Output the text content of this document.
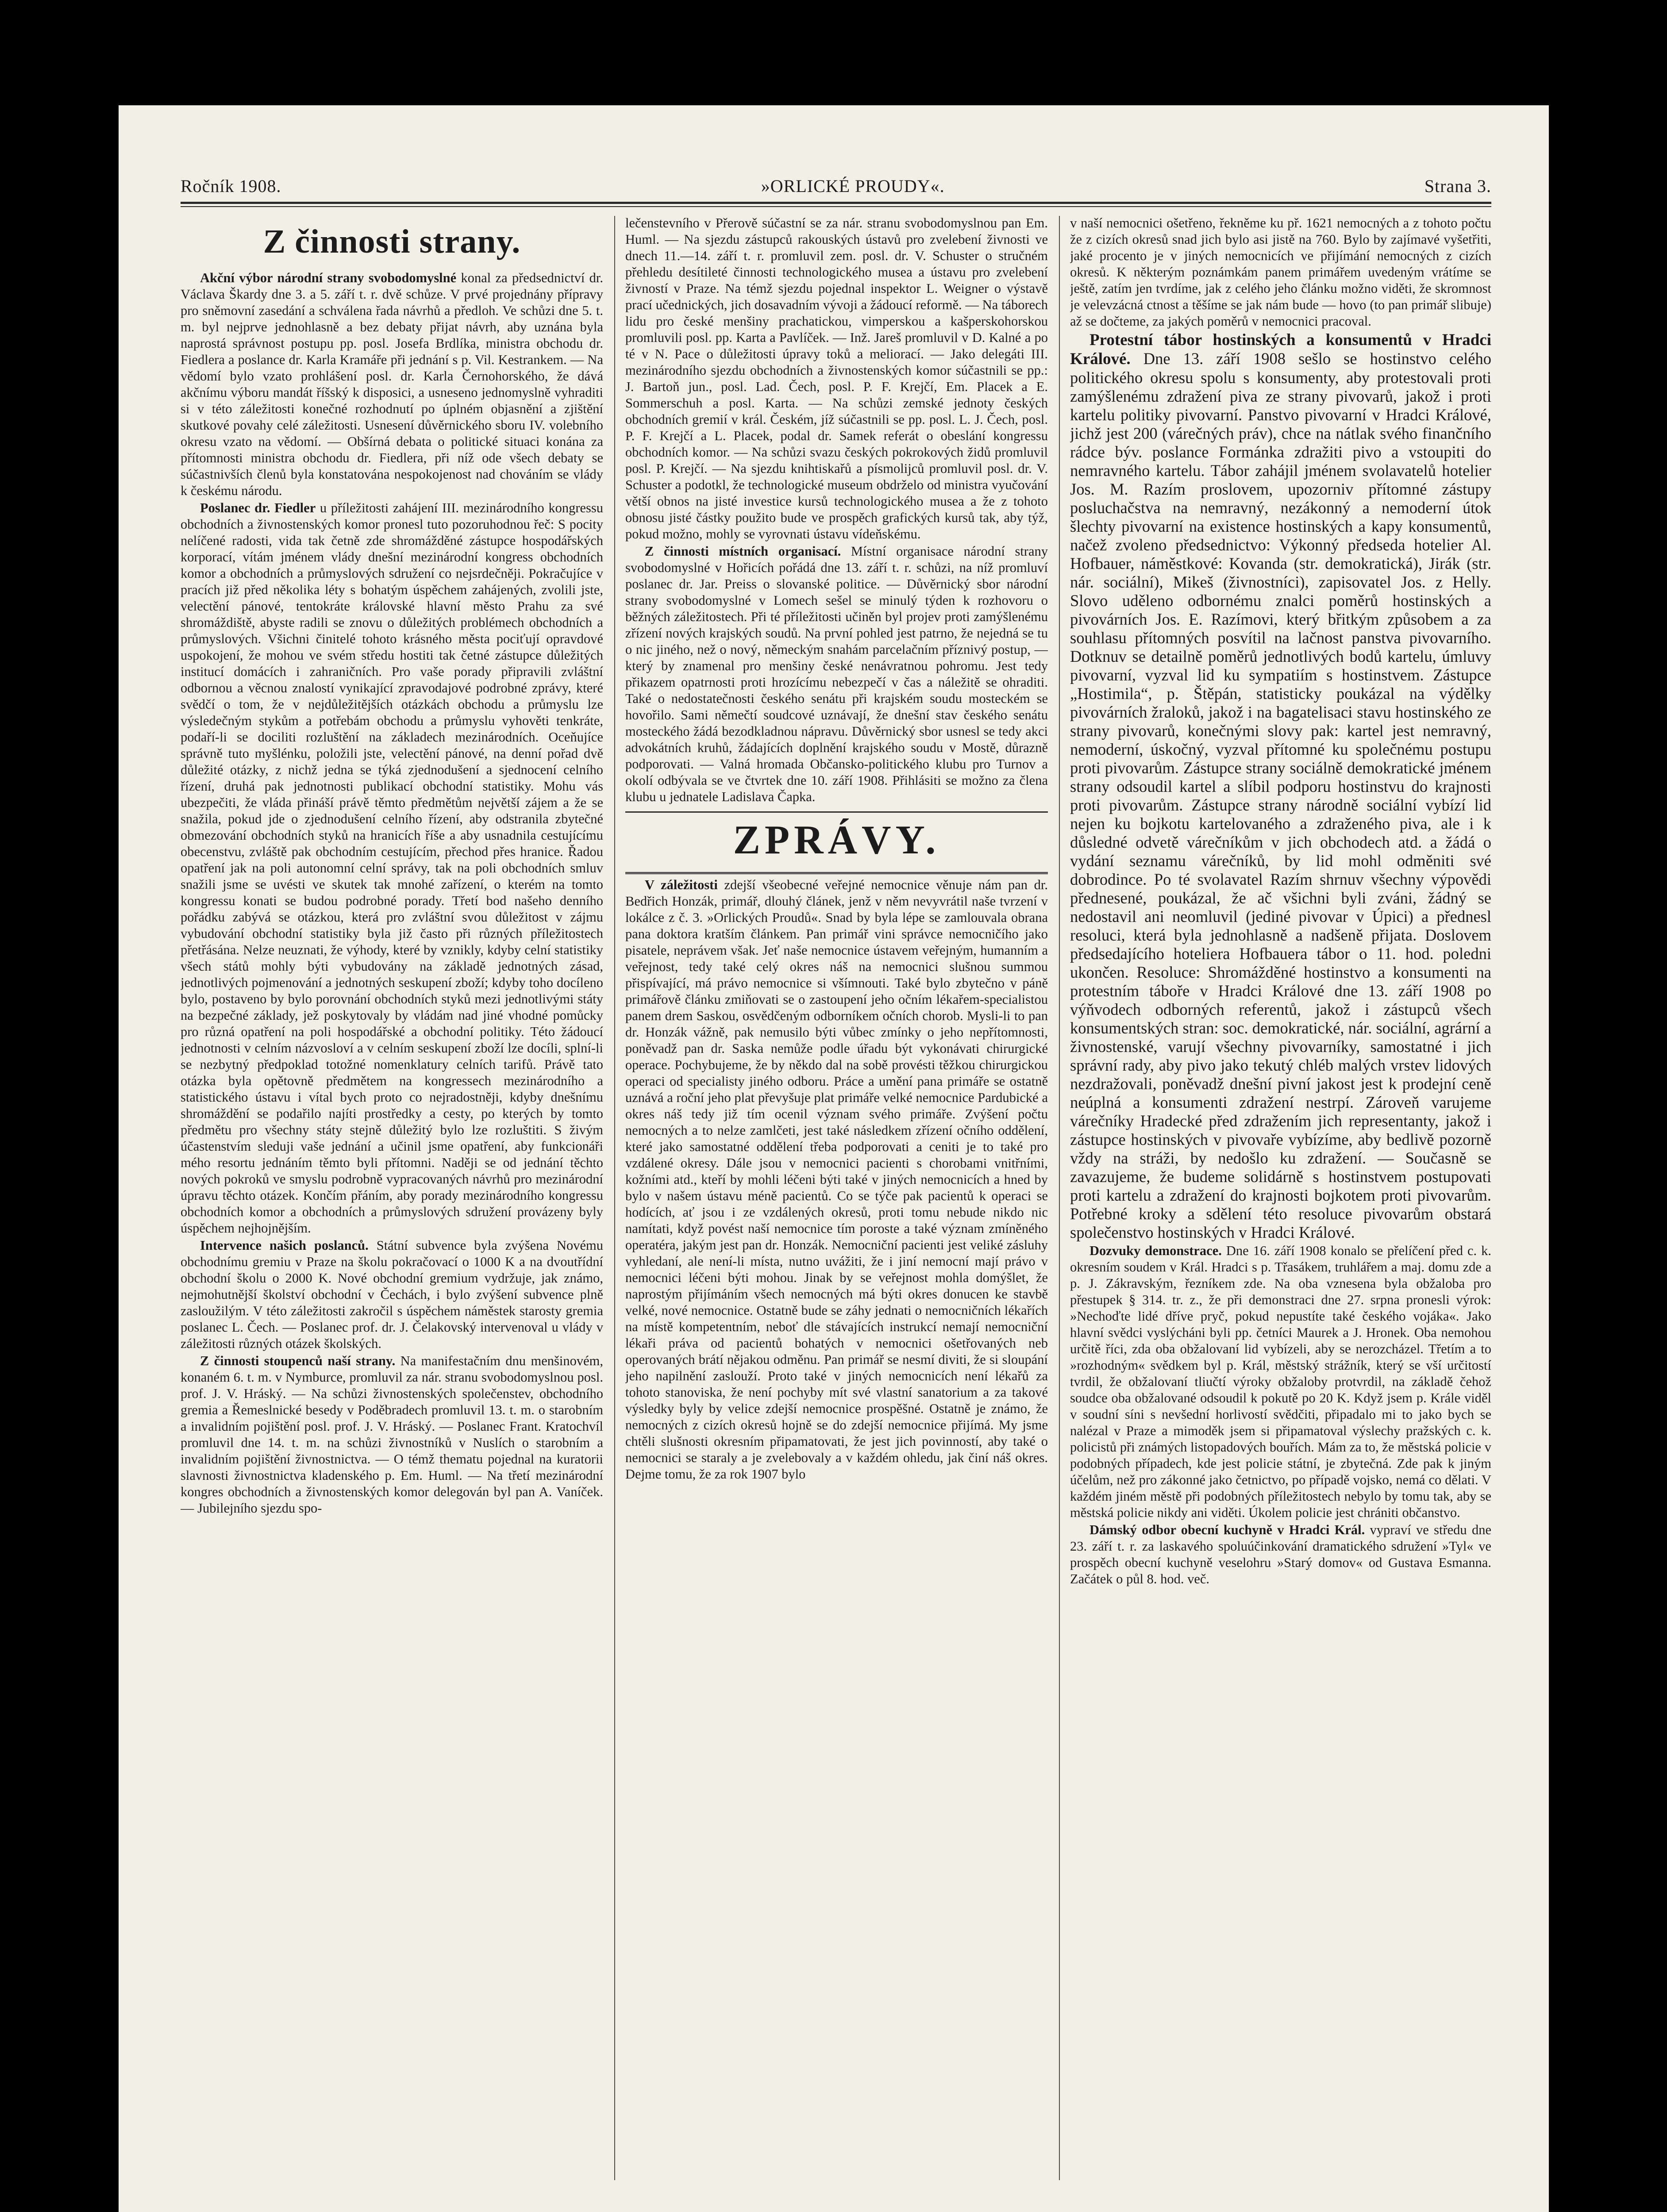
Ročník 1908.	»ORLICKÉ PROUDY«.	Strana 3.
Z činnosti strany.

Akční výbor národní strany svobodomyslné konal za předsednictví dr. Václava Škardy dne 3. a 5. září t. r. dvě schůze. V prvé projednány přípravy pro sněmovní zasedání a schválena řada návrhů a předloh. Ve schůzi dne 5. t. m. byl nejprve jednohlasně a bez debaty přijat návrh, aby uznána byla naprostá správnost postupu pp. posl. Josefa Brdlíka, ministra obchodu dr. Fiedlera a poslance dr. Karla Kramáře při jednání s p. Vil. Kestrankem. — Na vědomí bylo vzato prohlášení posl. dr. Karla Černohorského, že dává akčnímu výboru mandát říšský k disposici, a usneseno jednomyslně vyhraditi si v této záležitosti konečné rozhodnutí po úplném objasnění a zjištění skutkové povahy celé záležitosti. Usnesení důvěrnického sboru IV. volebního okresu vzato na vědomí. — Obšírná debata o politické situaci konána za přítomnosti ministra obchodu dr. Fiedlera, při níž ode všech debaty se súčastnivších členů byla konstatována nespokojenost nad chováním se vlády k českému národu.

Poslanec dr. Fiedler u příležitosti zahájení III. mezinárodního kongressu obchodních a živnostenských komor pronesl tuto pozoruhodnou řeč: S pocity nelíčené radosti, vida tak četně zde shromážděné zástupce hospodářských korporací, vítám jménem vlády dnešní mezinárodní kongress obchodních komor a obchodních a průmyslových sdružení co nejsrdečněji. Pokračujíce v pracích již před několika léty s bohatým úspěchem zahájených, zvolili jste, velectění pánové, tentokráte královské hlavní město Prahu za své shromáždiště, abyste radili se znovu o důležitých problémech obchodních a průmyslových. Všichni činitelé tohoto krásného města pociťují opravdové uspokojení, že mohou ve svém středu hostiti tak četné zástupce důležitých institucí domácích i zahraničních. Pro vaše porady připravili zvláštní odbornou a věcnou znalostí vynikající zpravodajové podrobné zprávy, které svědčí o tom, že v nejdůležitějších otázkách obchodu a průmyslu lze výsledečným stykům a potřebám obchodu a průmyslu vyhověti tenkráte, podaří-li se dociliti rozluštění na základech mezinárodních. Oceňujíce správně tuto myšlénku, položili jste, velectění pánové, na denní pořad dvě důležité otázky, z nichž jedna se týká zjednodušení a sjednocení celního řízení, druhá pak jednotnosti publikací obchodní statistiky. Mohu vás ubezpečiti, že vláda přináší právě těmto předmětům největší zájem a že se snažila, pokud jde o zjednodušení celního řízení, aby odstranila zbytečné obmezování obchodních styků na hranicích říše a aby usnadnila cestujícímu obecenstvu, zvláště pak obchodním cestujícím, přechod přes hranice. Řadou opatření jak na poli autonomní celní správy, tak na poli obchodních smluv snažili jsme se uvésti ve skutek tak mnohé zařízení, o kterém na tomto kongressu konati se budou podrobné porady. Třetí bod našeho denního pořádku zabývá se otázkou, která pro zvláštní svou důležitost v zájmu vybudování obchodní statistiky byla již často při různých příležitostech přetřásána. Nelze neuznati, že výhody, které by vznikly, kdyby celní statistiky všech států mohly býti vybudovány na základě jednotných zásad, jednotlivých pojmenování a jednotných seskupení zboží; kdyby toho docíleno bylo, postaveno by bylo porovnání obchodních styků mezi jednotlivými státy na bezpečné základy, jež poskytovaly by vládám nad jiné vhodné pomůcky pro různá opatření na poli hospodářské a obchodní politiky. Této žádoucí jednotnosti v celním názvosloví a v celním seskupení zboží lze docíli, splní-li se nezbytný předpoklad totožné nomenklatury celních tarifů. Právě tato otázka byla opětovně předmětem na kongressech mezinárodního a statistického ústavu i vítal bych proto co nejradostněji, kdyby dnešnímu shromáždění se podařilo najíti prostředky a cesty, po kterých by tomto předmětu pro všechny státy stejně důležitý bylo lze rozluštiti. S živým účastenstvím sleduji vaše jednání a učinil jsme opatření, aby funkcionáři mého resortu jednáním těmto byli přítomni. Naději se od jednání těchto nových pokroků ve smyslu podrobně vypracovaných návrhů pro mezinárodní úpravu těchto otázek. Končím přáním, aby porady mezinárodního kongressu obchodních komor a obchodních a průmyslových sdružení provázeny byly úspěchem nejhojnějším.

Intervence našich poslanců. Státní subvence byla zvýšena Novému obchodnímu gremiu v Praze na školu pokračovací o 1000 K a na dvoutřídní obchodní školu o 2000 K. Nové obchodní gremium vydržuje, jak známo, nejmohutnější školství obchodní v Čechách, i bylo zvýšení subvence plně zasloužilým. V této záležitosti zakročil s úspěchem náměstek starosty gremia poslanec L. Čech. — Poslanec prof. dr. J. Čelakovský intervenoval u vlády v záležitosti různých otázek školských.

Z činnosti stoupenců naší strany. Na manifestačním dnu menšinovém, konaném 6. t. m. v Nymburce, promluvil za nár. stranu svobodomyslnou posl. prof. J. V. Hráský. — Na schůzi živnostenských společenstev, obchodního gremia a Řemeslnické besedy v Poděbradech promluvil 13. t. m. o starobním a invalidním pojištění posl. prof. J. V. Hráský. — Poslanec Frant. Kratochvíl promluvil dne 14. t. m. na schůzi živnostníků v Nuslích o starobním a invalidním pojištění živnostnictva. — O témž thematu pojednal na kuratorii slavnosti živnostnictva kladenského p. Em. Huml. — Na třetí mezinárodní kongres obchodních a živnostenských komor delegován byl pan A. Vaníček. — Jubilejního sjezdu spo-

lečenstevního v Přerově súčastní se za nár. stranu svobodomyslnou pan Em. Huml. — Na sjezdu zástupců rakouských ústavů pro zvelebení živnosti ve dnech 11.—14. září t. r. promluvil zem. posl. dr. V. Schuster o stručném přehledu desítileté činnosti technologického musea a ústavu pro zvelebení živností v Praze. Na témž sjezdu pojednal inspektor L. Weigner o výstavě prací učednických, jich dosavadním vývoji a žádoucí reformě. — Na táborech lidu pro české menšiny prachatickou, vimperskou a kašperskohorskou promluvili posl. pp. Karta a Pavlíček. — Inž. Jareš promluvil v D. Kalné a po té v N. Pace o důležitosti úpravy toků a meliorací. — Jako delegáti III. mezinárodního sjezdu obchodních a živnostenských komor súčastnili se pp.: J. Bartoň jun., posl. Lad. Čech, posl. P. F. Krejčí, Em. Placek a E. Sommerschuh a posl. Karta. — Na schůzi zemské jednoty českých obchodních gremií v král. Českém, jíž súčastnili se pp. posl. L. J. Čech, posl. P. F. Krejčí a L. Placek, podal dr. Samek referát o obeslání kongressu obchodních komor. — Na schůzi svazu českých pokrokových židů promluvil posl. P. Krejčí. — Na sjezdu knihtiskařů a písmolijců promluvil posl. dr. V. Schuster a podotkl, že technologické museum obdrželo od ministra vyučování větší obnos na jisté investice kursů technologického musea a že z tohoto obnosu jisté částky použito bude ve prospěch grafických kursů tak, aby týž, pokud možno, mohly se vyrovnati ústavu vídeňskému.

Z činnosti místních organisací. Místní organisace národní strany svobodomyslné v Hořicích pořádá dne 13. září t. r. schůzi, na níž promluví poslanec dr. Jar. Preiss o slovanské politice. — Důvěrnický sbor národní strany svobodomyslné v Lomech sešel se minulý týden k rozhovoru o běžných záležitostech. Při té příležitosti učiněn byl projev proti zamýšlenému zřízení nových krajských soudů. Na první pohled jest patrno, že nejedná se tu o nic jiného, než o nový, německým snahám parcelačním příznivý postup, — který by znamenal pro menšiny české nenávratnou pohromu. Jest tedy přikazem opatrnosti proti hrozícímu nebezpečí v čas a náležitě se ohraditi. Také o nedostatečnosti českého senátu při krajském soudu mosteckém se hovořilo. Sami němečtí soudcové uznávají, že dnešní stav českého senátu mosteckého žádá bezodkladnou nápravu. Důvěrnický sbor usnesl se tedy akci advokátních kruhů, žádajících doplnění krajského soudu v Mostě, důrazně podporovati. — Valná hromada Občansko-politického klubu pro Turnov a okolí odbývala se ve čtvrtek dne 10. září 1908. Přihlásiti se možno za člena klubu u jednatele Ladislava Čapka.

ZPRÁVY.

V záležitosti zdejší všeobecné veřejné nemocnice věnuje nám pan dr. Bedřich Honzák, primář, dlouhý článek, jenž v něm nevyvrátil naše tvrzení v lokálce z č. 3. »Orlických Proudů«. Snad by byla lépe se zamlouvala obrana pana doktora kratším článkem. Pan primář vini správce nemocničího jako pisatele, neprávem však. Jeť naše nemocnice ústavem veřejným, humanním a veřejnost, tedy také celý okres náš na nemocnici slušnou summou přispívající, má právo nemocnice si všímnouti. Také bylo zbytečno v páně primářově článku zmiňovati se o zastoupení jeho očním lékařem-specialistou panem drem Saskou, osvědčeným odborníkem očních chorob. Mysli-li to pan dr. Honzák vážně, pak nemusilo býti vůbec zmínky o jeho nepřítomnosti, poněvadž pan dr. Saska nemůže podle úřadu být vykonávati chirurgické operace. Pochybujeme, že by někdo dal na sobě provésti těžkou chirurgickou operaci od specialisty jiného odboru. Práce a umění pana primáře se ostatně uznává a roční jeho plat převyšuje plat primáře velké nemocnice Pardubické a okres náš tedy již tím ocenil význam svého primáře. Zvýšení počtu nemocných a to nelze zamlčeti, jest také následkem zřízení očního oddělení, které jako samostatné oddělení třeba podporovati a ceniti je to také pro vzdálené okresy. Dále jsou v nemocnici pacienti s chorobami vnitřními, kožními atd., kteří by mohli léčeni býti také v jiných nemocnicích a hned by bylo v našem ústavu méně pacientů. Co se týče pak pacientů k operaci se hodících, ať jsou i ze vzdálených okresů, proti tomu nebude nikdo nic namítati, když povést naší nemocnice tím poroste a také význam zmíněného operatéra, jakým jest pan dr. Honzák. Nemocniční pacienti jest veliké zásluhy vyhledaní, ale není-li místa, nutno uvážiti, že i jiní nemocní mají právo v nemocnici léčeni býti mohou. Jinak by se veřejnost mohla domýšlet, že naprostým přijímáním všech nemocných má býti okres donucen ke stavbě velké, nové nemocnice. Ostatně bude se záhy jednati o nemocničních lékařích na místě kompetentním, neboť dle stávajících instrukcí nemají nemocniční lékaři práva od pacientů bohatých v nemocnici ošetřovaných neb operovaných brátí nějakou odměnu. Pan primář se nesmí diviti, že si sloupání jeho napilnění zaslouží. Proto také v jiných nemocnicích není lékařů za tohoto stanoviska, že není pochyby mít své vlastní sanatorium a za takové výsledky byly by velice zdejší nemocnice prospěšné. Ostatně je známo, že nemocných z cizích okresů hojně se do zdejší nemocnice přijímá. My jsme chtěli slušnosti okresním připamatovati, že jest jich povinností, aby také o nemocnici se staraly a je zvelebovaly a v každém ohledu, jak činí náš okres. Dejme tomu, že za rok 1907 bylo

v naší nemocnici ošetřeno, řekněme ku př. 1621 nemocných a z tohoto počtu že z cizích okresů snad jich bylo asi jistě na 760. Bylo by zajímavé vyšetřiti, jaké procento je v jiných nemocnicích ve přijímání nemocných z cizích okresů. K některým poznámkám panem primářem uvedeným vrátíme se ještě, zatím jen tvrdíme, jak z celého jeho článku možno viděti, že skromnost je velevzácná ctnost a těšíme se jak nám bude — hovo (to pan primář slibuje) až se dočteme, za jakých poměrů v nemocnici pracoval.

Protestní tábor hostinských a konsumentů v Hradci Králové. Dne 13. září 1908 sešlo se hostinstvo celého politického okresu spolu s konsumenty, aby protestovali proti zamýšlenému zdražení piva ze strany pivovarů, jakož i proti kartelu politiky pivovarní. Panstvo pivovarní v Hradci Králové, jichž jest 200 (várečných práv), chce na nátlak svého finančního rádce býv. poslance Formánka zdražiti pivo a vstoupiti do nemravného kartelu. Tábor zahájil jménem svolavatelů hotelier Jos. M. Razím proslovem, upozorniv přítomné zástupy posluchačstva na nemravný, nezákonný a nemoderní útok šlechty pivovarní na existence hostinských a kapy konsumentů, načež zvoleno předsednictvo: Výkonný předseda hotelier Al. Hofbauer, náměstkové: Kovanda (str. demokratická), Jirák (str. nár. sociální), Mikeš (živnostníci), zapisovatel Jos. z Helly. Slovo uděleno odbornému znalci poměrů hostinských a pivovárních Jos. E. Razímovi, který břitkým způsobem a za souhlasu přítomných posvítil na lačnost panstva pivovarního. Dotknuv se detailně poměrů jednotlivých bodů kartelu, úmluvy pivovarní, vyzval lid ku sympatiím s hostinstvem. Zástupce „Hostimila“, p. Štěpán, statisticky poukázal na výdělky pivovárních žraloků, jakož i na bagatelisaci stavu hostinského ze strany pivovarů, konečnými slovy pak: kartel jest nemravný, nemoderní, úskočný, vyzval přítomné ku společnému postupu proti pivovarům. Zástupce strany sociálně demokratické jménem strany odsoudil kartel a slíbil podporu hostinstvu do krajnosti proti pivovarům. Zástupce strany národně sociální vybízí lid nejen ku bojkotu kartelovaného a zdraženého piva, ale i k důsledné odvetě várečníkům v jich obchodech atd. a žádá o vydání seznamu várečníků, by lid mohl odměniti své dobrodince. Po té svolavatel Razím shrnuv všechny výpovědi přednesené, poukázal, že ač všichni byli zváni, žádný se nedostavil ani neomluvil (jediné pivovar v Úpici) a přednesl resoluci, která byla jednohlasně a nadšeně přijata. Doslovem předsedajícího hoteliera Hofbauera tábor o 11. hod. poledni ukončen. Resoluce: Shromážděné hostinstvo a konsumenti na protestním táboře v Hradci Králové dne 13. září 1908 po výňvodech odborných referentů, jakož i zástupců všech konsumentských stran: soc. demokratické, nár. sociální, agrární a živnostenské, varují všechny pivovarníky, samostatné i jich správní rady, aby pivo jako tekutý chléb malých vrstev lidových nezdražovali, poněvadž dnešní pivní jakost jest k prodejní ceně neúplná a konsumenti zdražení nestrpí. Zároveň varujeme várečníky Hradecké před zdražením jich representanty, jakož i zástupce hostinských v pivovaře vybízíme, aby bedlivě pozorně vždy na stráži, by nedošlo ku zdražení. — Současně se zavazujeme, že budeme solidárně s hostinstvem postupovati proti kartelu a zdražení do krajnosti bojkotem proti pivovarům. Potřebné kroky a sdělení této resoluce pivovarům obstará společenstvo hostinských v Hradci Králové.

Dozvuky demonstrace. Dne 16. září 1908 konalo se přelíčení před c. k. okresním soudem v Král. Hradci s p. Třasákem, truhlářem a maj. domu zde a p. J. Zákravským, řezníkem zde. Na oba vznesena byla obžaloba pro přestupek § 314. tr. z., že při demonstraci dne 27. srpna pronesli výrok: »Nechoďte lidé dříve pryč, pokud nepustíte také českého vojáka«. Jako hlavní svědci vyslýcháni byli pp. četníci Maurek a J. Hronek. Oba nemohou určitě říci, zda oba obžalovaní lid vybízeli, aby se nerozcházel. Třetím a to »rozhodným« svědkem byl p. Král, městský strážník, který se vší určitostí tvrdil, že obžalovaní tliučtí výroky obžaloby protvrdil, na základě čehož soudce oba obžalované odsoudil k pokutě po 20 K. Když jsem p. Krále viděl v soudní síni s nevšední horlivostí svědčiti, připadalo mi to jako bych se nalézal v Praze a mimoděk jsem si připamatoval výslechy pražských c. k. policistů při známých listopadových bouřích. Mám za to, že městská policie v podobných případech, kde jest policie státní, je zbytečná. Zde pak k jiným účelům, než pro zákonné jako četnictvo, po případě vojsko, nemá co dělati. V každém jiném městě při podobných příležitostech nebylo by tomu tak, aby se městská policie nikdy ani viděti. Úkolem policie jest chrániti občanstvo.

Dámský odbor obecní kuchyně v Hradci Král. vypraví ve středu dne 23. září t. r. za laskavého spoluúčinkování dramatického sdružení »Tyl« ve prospěch obecní kuchyně veselohru »Starý domov« od Gustava Esmanna. Začátek o půl 8. hod. več.
